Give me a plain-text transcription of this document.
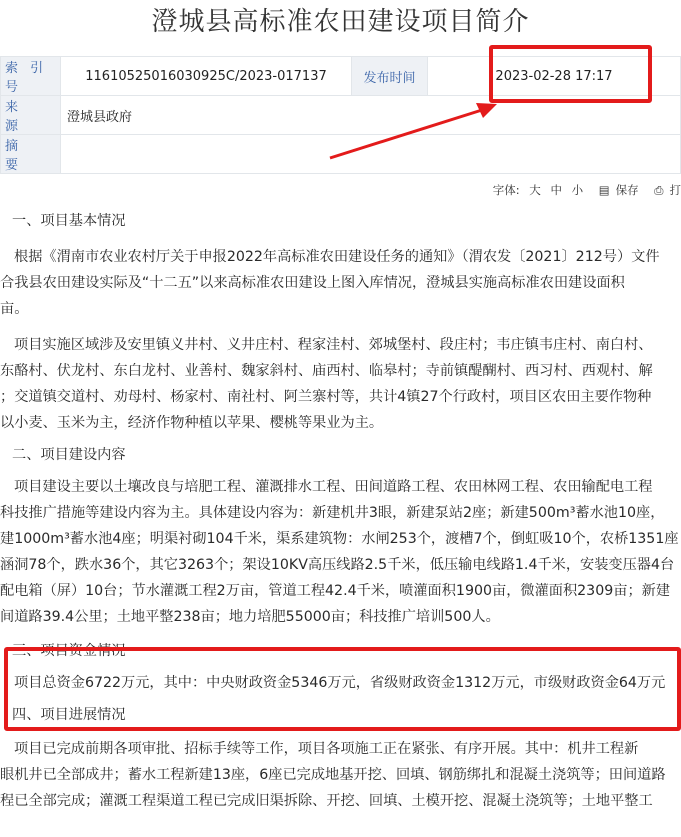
澄城县高标准农田建设项目简介
索 引 号	11610525016030925C/2023-017137	发布时间	2023-02-28 17:17
来　 源	澄城县政府		
摘　 要			
字体: 大 中 小 ▤ 保存 ⎙ 打

一、项目基本情况

根据《渭南市农业农村厅关于申报2022年高标准农田建设任务的通知》（渭农发〔2021〕212号）文件

合我县农田建设实际及“十二五”以来高标准农田建设上图入库情况，澄城县实施高标准农田建设面积

亩。

项目实施区域涉及安里镇义井村、义井庄村、程家洼村、郊城堡村、段庄村；韦庄镇韦庄村、南白村、

东酪村、伏龙村、东白龙村、业善村、魏家斜村、庙西村、临皋村；寺前镇醍醐村、西习村、西观村、解

；交道镇交道村、劝母村、杨家村、南社村、阿兰寨村等，共计4镇27个行政村，项目区农田主要作物种

以小麦、玉米为主，经济作物种植以苹果、樱桃等果业为主。

二、项目建设内容

项目建设主要以土壤改良与培肥工程、灌溉排水工程、田间道路工程、农田林网工程、农田输配电工程

科技推广措施等建设内容为主。具体建设内容为：新建机井3眼，新建泵站2座；新建500m³蓄水池10座，

建1000m³蓄水池4座；明渠衬砌104千米，渠系建筑物：水闸253个，渡槽7个，倒虹吸10个，农桥1351座

涵洞78个，跌水36个，其它3263个；架设10KV高压线路2.5千米，低压输电线路1.4千米，安装变压器4台

配电箱（屏）10台；节水灌溉工程2万亩，管道工程42.4千米，喷灌面积1900亩，微灌面积2309亩；新建

间道路39.4公里；土地平整238亩；地力培肥55000亩；科技推广培训500人。

三、项目资金情况

项目总资金6722万元，其中：中央财政资金5346万元，省级财政资金1312万元，市级财政资金64万元

四、项目进展情况

项目已完成前期各项审批、招标手续等工作，项目各项施工正在紧张、有序开展。其中：机井工程新

眼机井已全部成井；蓄水工程新建13座，6座已完成地基开挖、回填、钢筋绑扎和混凝土浇筑等；田间道路

程已全部完成；灌溉工程渠道工程已完成旧渠拆除、开挖、回填、土模开挖、混凝土浇筑等；土地平整工
